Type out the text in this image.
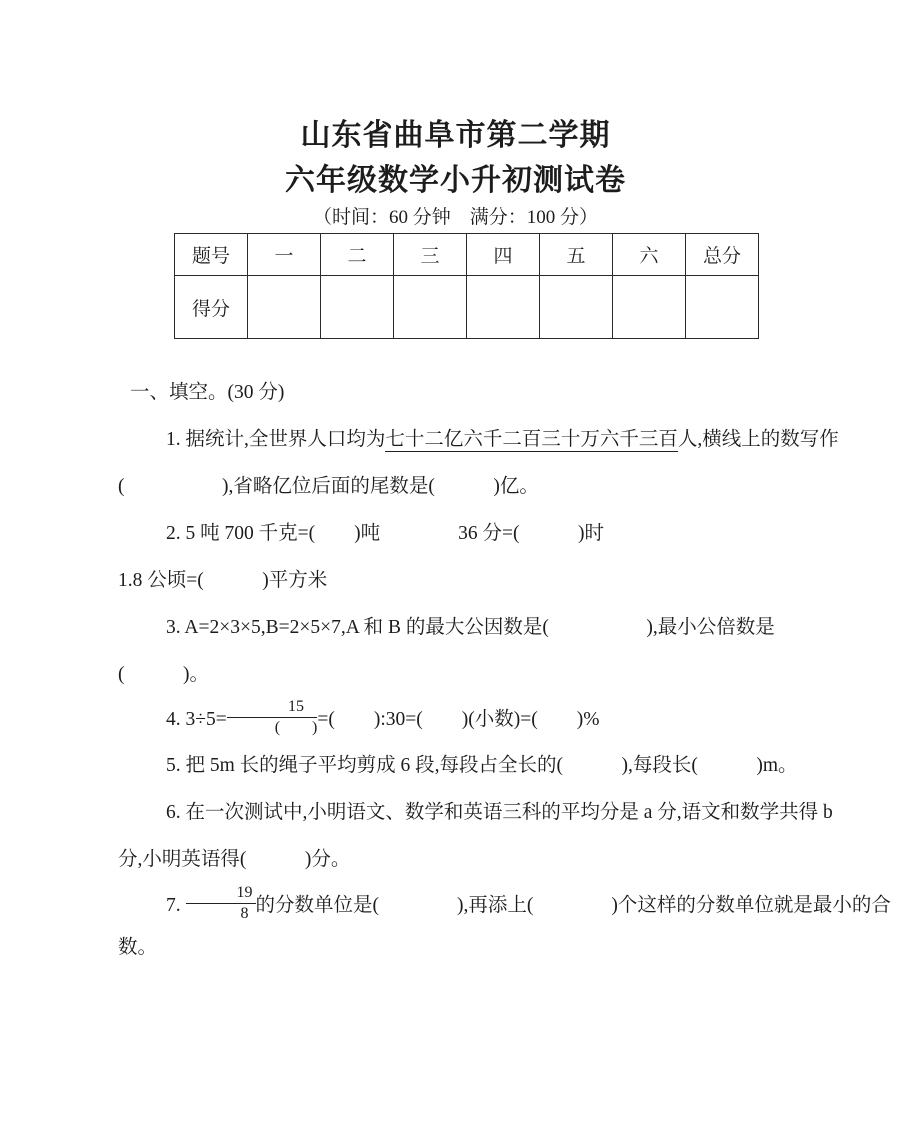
山东省曲阜市第二学期
六年级数学小升初测试卷
（时间：60 分钟　满分：100 分）
题号	一	二	三	四	五	六	总分
得分							
一、填空。(30 分)
1. 据统计,全世界人口均为七十二亿六千二百三十万六千三百人,横线上的数写作
(　　　　　),省略亿位后面的尾数是(　　　)亿。
2. 5 吨 700 千克=(　　)吨　　　　36 分=(　　　)时
1.8 公顷=(　　　)平方米
3. A=2×3×5,B=2×5×7,A 和 B 的最大公因数是(　　　　　),最小公倍数是
(　　　)。
4. $3\div 5= \frac{15}{( )}$ =(　　):30=(　　)(小数)=(　　)%
5. 把 5m 长的绳子平均剪成 6 段,每段占全长的(　　　),每段长(　　　)m。
6. 在一次测试中,小明语文、数学和英语三科的平均分是 a 分,语文和数学共得 b
分,小明英语得(　　　)分。
7. $\frac{19}{8}$ 的分数单位是(　　　　),再添上(　　　　)个这样的分数单位就是最小的合
数。
